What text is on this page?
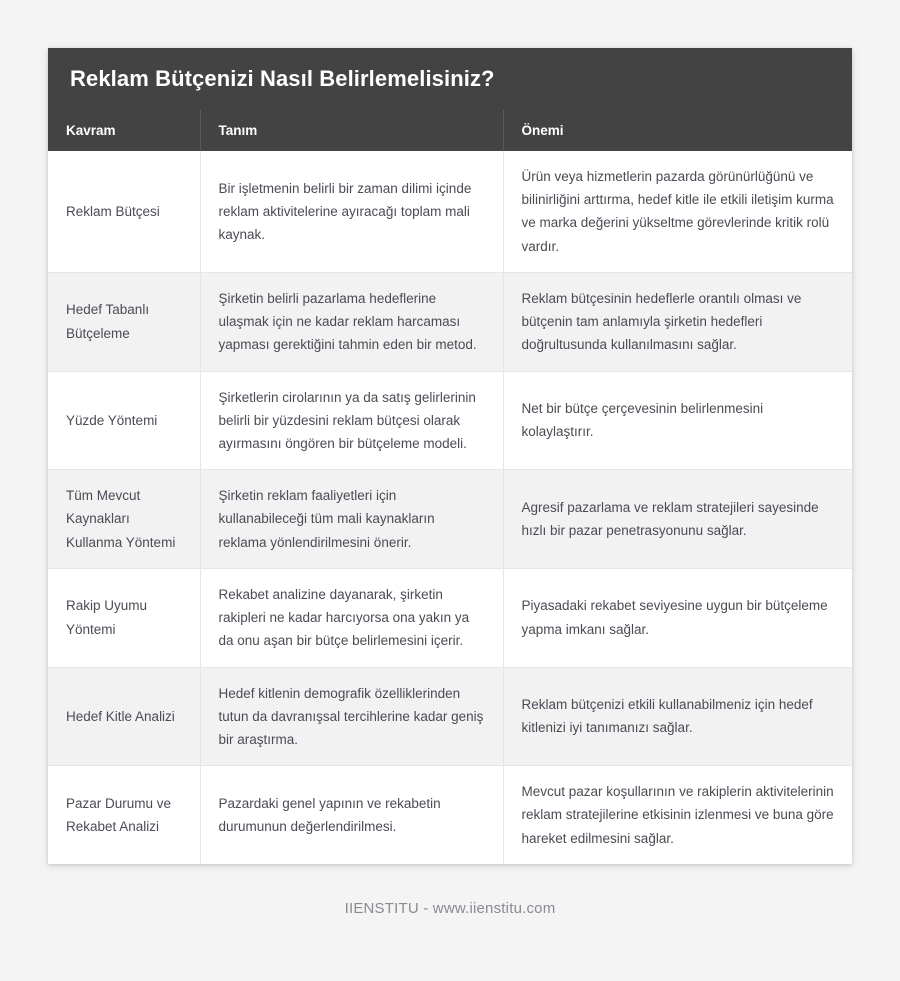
Reklam Bütçenizi Nasıl Belirlemelisiniz?
Kavram	Tanım	Önemi
Reklam Bütçesi	Bir işletmenin belirli bir zaman dilimi içinde reklam aktivitelerine ayıracağı toplam mali kaynak.	Ürün veya hizmetlerin pazarda görünürlüğünü ve bilinirliğini arttırma, hedef kitle ile etkili iletişim kurma ve marka değerini yükseltme görevlerinde kritik rolü vardır.
Hedef Tabanlı Bütçeleme	Şirketin belirli pazarlama hedeflerine ulaşmak için ne kadar reklam harcaması yapması gerektiğini tahmin eden bir metod.	Reklam bütçesinin hedeflerle orantılı olması ve bütçenin tam anlamıyla şirketin hedefleri doğrultusunda kullanılmasını sağlar.
Yüzde Yöntemi	Şirketlerin cirolarının ya da satış gelirlerinin belirli bir yüzdesini reklam bütçesi olarak ayırmasını öngören bir bütçeleme modeli.	Net bir bütçe çerçevesinin belirlenmesini kolaylaştırır.
Tüm Mevcut Kaynakları Kullanma Yöntemi	Şirketin reklam faaliyetleri için kullanabileceği tüm mali kaynakların reklama yönlendirilmesini önerir.	Agresif pazarlama ve reklam stratejileri sayesinde hızlı bir pazar penetrasyonunu sağlar.
Rakip Uyumu Yöntemi	Rekabet analizine dayanarak, şirketin rakipleri ne kadar harcıyorsa ona yakın ya da onu aşan bir bütçe belirlemesini içerir.	Piyasadaki rekabet seviyesine uygun bir bütçeleme yapma imkanı sağlar.
Hedef Kitle Analizi	Hedef kitlenin demografik özelliklerinden tutun da davranışsal tercihlerine kadar geniş bir araştırma.	Reklam bütçenizi etkili kullanabilmeniz için hedef kitlenizi iyi tanımanızı sağlar.
Pazar Durumu ve Rekabet Analizi	Pazardaki genel yapının ve rekabetin durumunun değerlendirilmesi.	Mevcut pazar koşullarının ve rakiplerin aktivitelerinin reklam stratejilerine etkisinin izlenmesi ve buna göre hareket edilmesini sağlar.
IIENSTITU - www.iienstitu.com
